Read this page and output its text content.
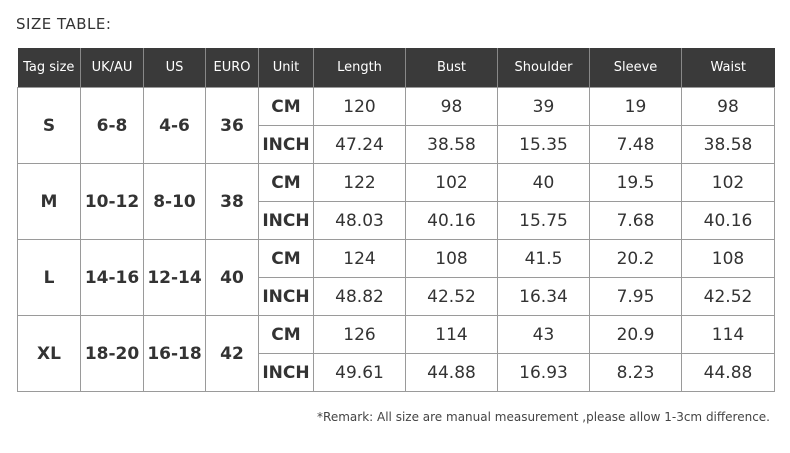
SIZE TABLE:
Tag size	UK/AU	US	EURO	Unit	Length	Bust	Shoulder	Sleeve	Waist
S	6-8	4-6	36	CM	120	98	39	19	98
				INCH	47.24	38.58	15.35	7.48	38.58
M	10-12	8-10	38	CM	122	102	40	19.5	102
				INCH	48.03	40.16	15.75	7.68	40.16
L	14-16	12-14	40	CM	124	108	41.5	20.2	108
				INCH	48.82	42.52	16.34	7.95	42.52
XL	18-20	16-18	42	CM	126	114	43	20.9	114
				INCH	49.61	44.88	16.93	8.23	44.88
*Remark: All size are manual measurement ,please allow 1-3cm difference.
